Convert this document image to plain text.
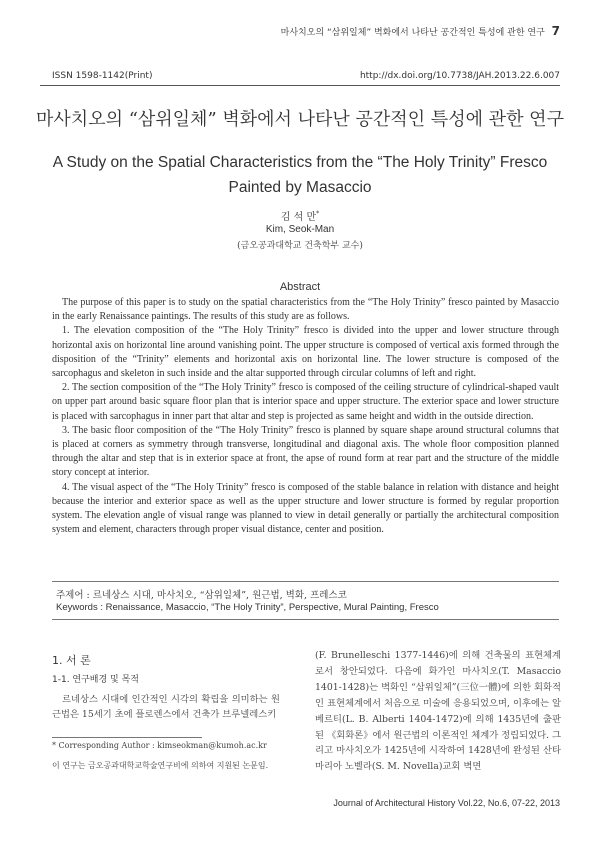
마사치오의 “삼위일체” 벽화에서 나타난 공간적인 특성에 관한 연구 7
ISSN 1598-1142(Print)	http://dx.doi.org/10.7738/JAH.2013.22.6.007
마사치오의 “삼위일체” 벽화에서 나타난 공간적인 특성에 관한 연구
A Study on the Spatial Characteristics from the “The Holy Trinity” Fresco
Painted by Masaccio
김 석 만*
Kim, Seok-Man
(금오공과대학교 건축학부 교수)
Abstract

The purpose of this paper is to study on the spatial characteristics from the “The Holy Trinity” fresco painted by Masaccio in the early Renaissance paintings. The results of this study are as follows.

1. The elevation composition of the “The Holy Trinity” fresco is divided into the upper and lower structure through horizontal axis on horizontal line around vanishing point. The upper structure is composed of vertical axis formed through the disposition of the “Trinity” elements and horizontal axis on horizontal line. The lower structure is composed of the sarcophagus and skeleton in such inside and the altar supported through circular columns of left and right.

2. The section composition of the “The Holy Trinity” fresco is composed of the ceiling structure of cylindrical-shaped vault on upper part around basic square floor plan that is interior space and upper structure. The exterior space and lower structure is placed with sarcophagus in inner part that altar and step is projected as same height and width in the outside direction.

3. The basic floor composition of the “The Holy Trinity” fresco is planned by square shape around structural columns that is placed at corners as symmetry through transverse, longitudinal and diagonal axis. The whole floor composition planned through the altar and step that is in exterior space at front, the apse of round form at rear part and the structure of the middle story concept at interior.

4. The visual aspect of the “The Holy Trinity” fresco is composed of the stable balance in relation with distance and height because the interior and exterior space as well as the upper structure and lower structure is formed by regular proportion system. The elevation angle of visual range was planned to view in detail generally or partially the architectural composition system and element, characters through proper visual distance, center and position.

주제어 : 르네상스 시대, 마사치오, “삼위일체”, 원근법, 벽화, 프레스코
Keywords : Renaissance, Masaccio, “The Holy Trinity”, Perspective, Mural Painting, Fresco
1. 서 론
1-1. 연구배경 및 목적
르네상스 시대에 인간적인 시각의 확립을 의미하는 원근법은 15세기 초에 플로렌스에서 건축가 브루넬레스키
* Corresponding Author : kimseokman@kumoh.ac.kr
이 연구는 금오공과대학교학술연구비에 의하여 지원된 논문임.
(F. Brunelleschi 1377-1446)에 의해 건축물의 표현체계로서 창안되었다. 다음에 화가인 마사치오(T. Masaccio 1401-1428)는 벽화인 “삼위일체”(三位一體)에 의한 회화적인 표현체계에서 처음으로 미술에 응용되었으며, 이후에는 알베르티(L. B. Alberti 1404-1472)에 의해 1435년에 출판된 《회화론》에서 원근법의 이론적인 체계가 정립되었다. 그리고 마사치오가 1425년에 시작하여 1428년에 완성된 산타 마리아 노벨라(S. M. Novella)교회 벽면
Journal of Architectural History Vol.22, No.6, 07-22, 2013
